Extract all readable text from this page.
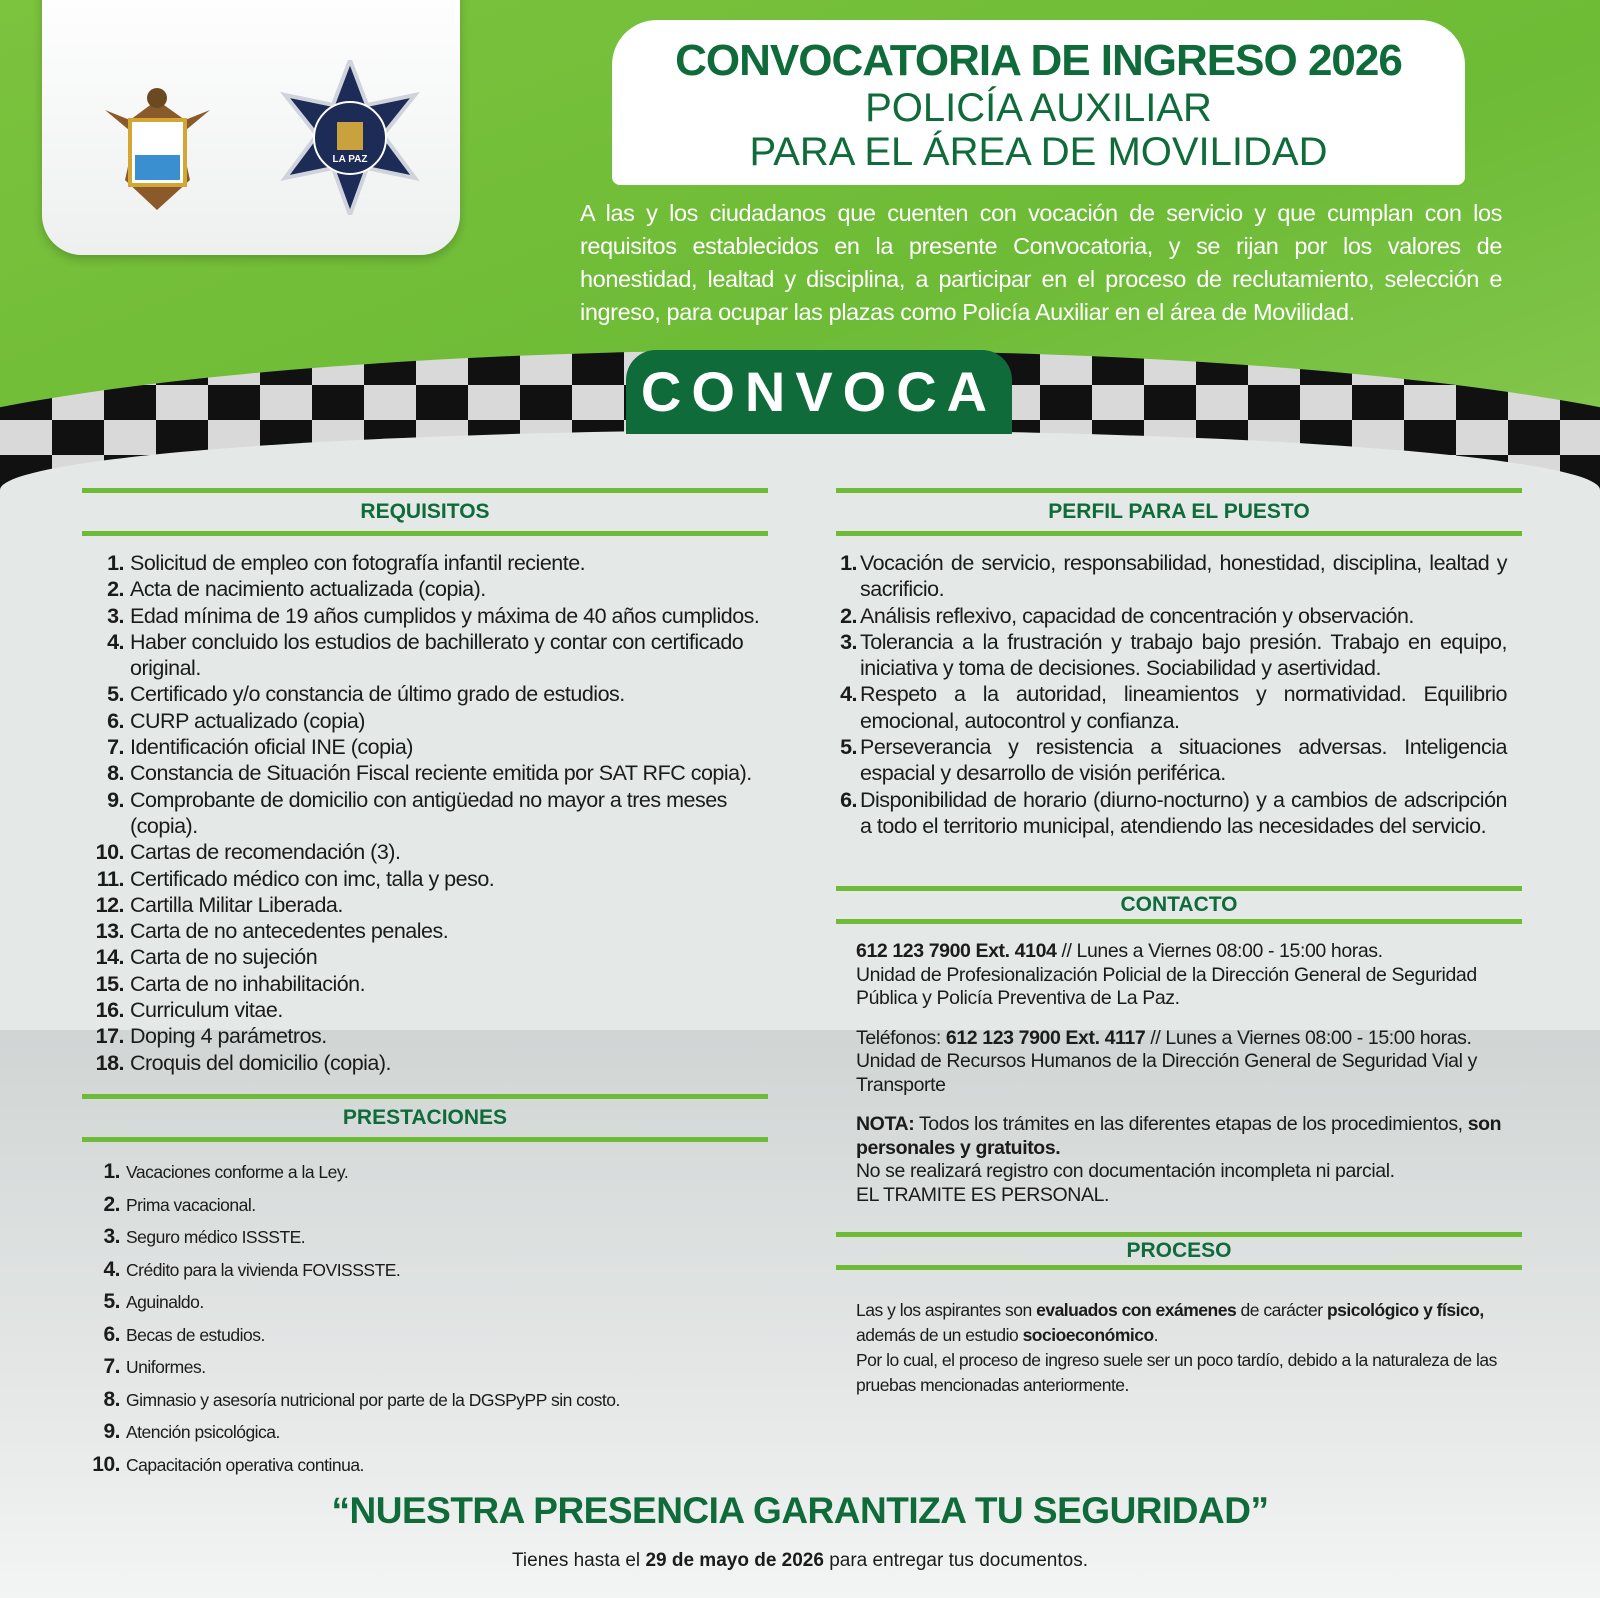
LA PAZ
CONVOCATORIA DE INGRESO 2026
POLICÍA AUXILIAR
PARA EL ÁREA DE MOVILIDAD
A las y los ciudadanos que cuenten con vocación de servicio y que cumplan con los requisitos establecidos en la presente Convocatoria, y se rijan por los valores de honestidad, lealtad y disciplina, a participar en el proceso de reclutamiento, selección e ingreso, para ocupar las plazas como Policía Auxiliar en el área de Movilidad.
CONVOCA
REQUISITOS
1. Solicitud de empleo con fotografía infantil reciente.
2. Acta de nacimiento actualizada (copia).
3. Edad mínima de 19 años cumplidos y máxima de 40 años cumplidos.
4. Haber concluido los estudios de bachillerato y contar con certificado original.
5. Certificado y/o constancia de último grado de estudios.
6. CURP actualizado (copia)
7. Identificación oficial INE (copia)
8. Constancia de Situación Fiscal reciente emitida por SAT RFC copia).
9. Comprobante de domicilio con antigüedad no mayor a tres meses (copia).
10. Cartas de recomendación (3).
11. Certificado médico con imc, talla y peso.
12. Cartilla Militar Liberada.
13. Carta de no antecedentes penales.
14. Carta de no sujeción
15. Carta de no inhabilitación.
16. Curriculum vitae.
17. Doping 4 parámetros.
18. Croquis del domicilio (copia).
PRESTACIONES
1. Vacaciones conforme a la Ley.
2. Prima vacacional.
3. Seguro médico ISSSTE.
4. Crédito para la vivienda FOVISSSTE.
5. Aguinaldo.
6. Becas de estudios.
7. Uniformes.
8. Gimnasio y asesoría nutricional por parte de la DGSPyPP sin costo.
9. Atención psicológica.
10. Capacitación operativa continua.
PERFIL PARA EL PUESTO
1. Vocación de servicio, responsabilidad, honestidad, disciplina, lealtad y sacrificio.
2. Análisis reflexivo, capacidad de concentración y observación.
3. Tolerancia a la frustración y trabajo bajo presión. Trabajo en equipo, iniciativa y toma de decisiones. Sociabilidad y asertividad.
4. Respeto a la autoridad, lineamientos y normatividad. Equilibrio emocional, autocontrol y confianza.
5. Perseverancia y resistencia a situaciones adversas. Inteligencia espacial y desarrollo de visión periférica.
6. Disponibilidad de horario (diurno-nocturno) y a cambios de adscripción a todo el territorio municipal, atendiendo las necesidades del servicio.
CONTACTO
612 123 7900 Ext. 4104 // Lunes a Viernes 08:00 - 15:00 horas.
Unidad de Profesionalización Policial de la Dirección General de Seguridad Pública y Policía Preventiva de La Paz.
Teléfonos: 612 123 7900 Ext. 4117 // Lunes a Viernes 08:00 - 15:00 horas.
Unidad de Recursos Humanos de la Dirección General de Seguridad Vial y Transporte
NOTA: Todos los trámites en las diferentes etapas de los procedimientos, son personales y gratuitos.
No se realizará registro con documentación incompleta ni parcial.
EL TRAMITE ES PERSONAL.
PROCESO
Las y los aspirantes son evaluados con exámenes de carácter psicológico y físico, además de un estudio socioeconómico.
Por lo cual, el proceso de ingreso suele ser un poco tardío, debido a la naturaleza de las pruebas mencionadas anteriormente.
“NUESTRA PRESENCIA GARANTIZA TU SEGURIDAD”
Tienes hasta el 29 de mayo de 2026 para entregar tus documentos.
